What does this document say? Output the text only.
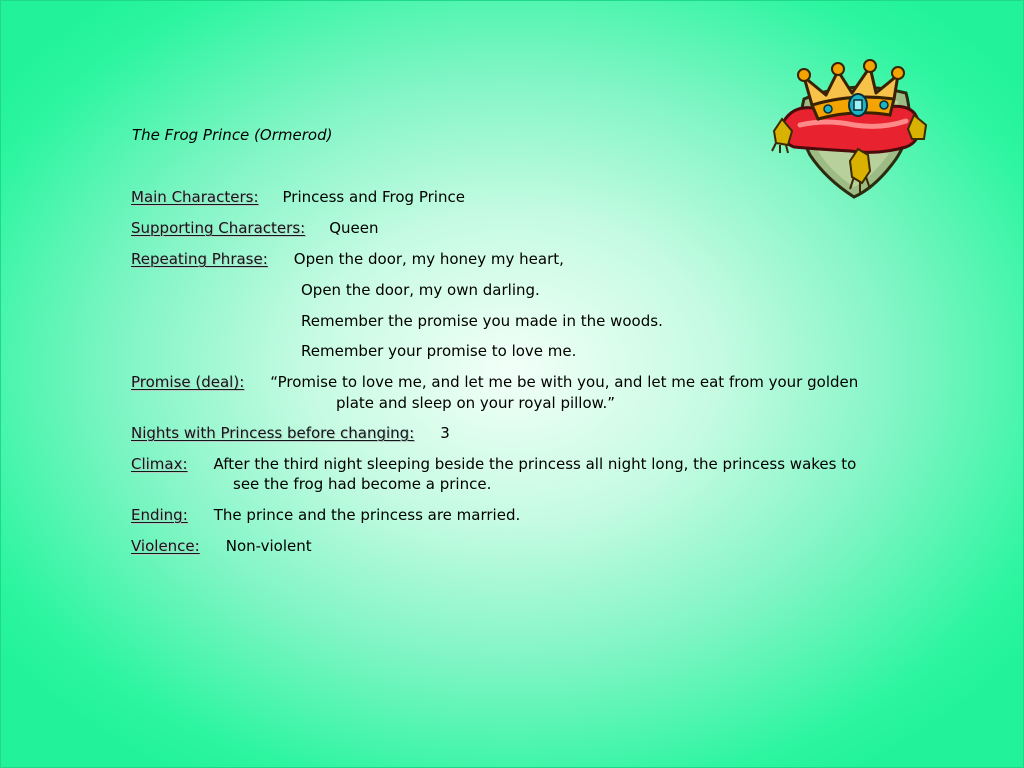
The Frog Prince (Ormerod)
Main Characters: Princess and Frog Prince
Supporting Characters: Queen
Repeating Phrase: Open the door, my honey my heart,
Open the door, my own darling.
Remember the promise you made in the woods.
Remember your promise to love me.
Promise (deal): “Promise to love me, and let me be with you, and let me eat from your golden
plate and sleep on your royal pillow.”
Nights with Princess before changing: 3
Climax: After the third night sleeping beside the princess all night long, the princess wakes to
see the frog had become a prince.
Ending: The prince and the princess are married.
Violence: Non-violent
